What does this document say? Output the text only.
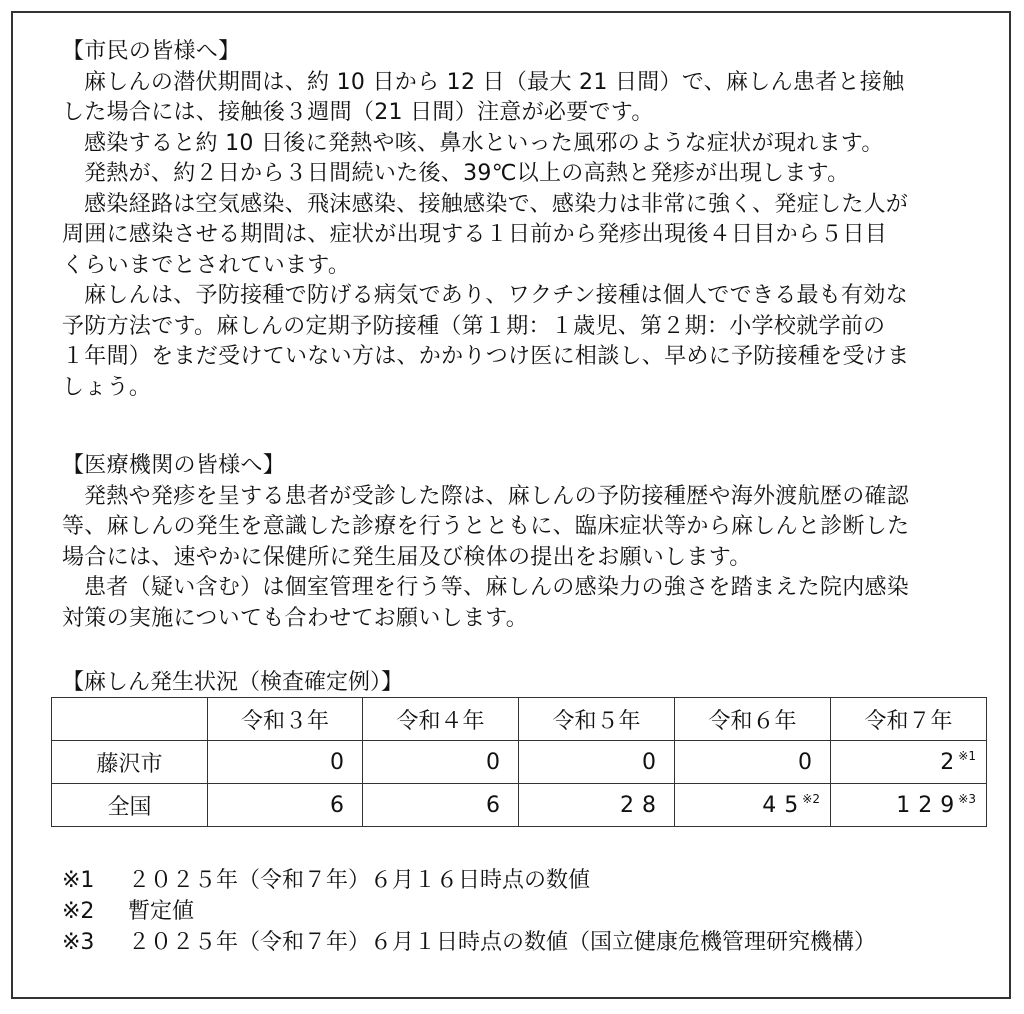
【市民の皆様へ】
麻しんの潜伏期間は、約 10 日から 12 日（最大 21 日間）で、麻しん患者と接触
した場合には、接触後３週間（21 日間）注意が必要です。
感染すると約 10 日後に発熱や咳、鼻水といった風邪のような症状が現れます。
発熱が、約２日から３日間続いた後、39℃以上の高熱と発疹が出現します。
感染経路は空気感染、飛沫感染、接触感染で、感染力は非常に強く、発症した人が
周囲に感染させる期間は、症状が出現する１日前から発疹出現後４日目から５日目
くらいまでとされています。
麻しんは、予防接種で防げる病気であり、ワクチン接種は個人でできる最も有効な
予防方法です。麻しんの定期予防接種（第１期：１歳児、第２期：小学校就学前の
１年間）をまだ受けていない方は、かかりつけ医に相談し、早めに予防接種を受けま
しょう。
【医療機関の皆様へ】
発熱や発疹を呈する患者が受診した際は、麻しんの予防接種歴や海外渡航歴の確認
等、麻しんの発生を意識した診療を行うとともに、臨床症状等から麻しんと診断した
場合には、速やかに保健所に発生届及び検体の提出をお願いします。
患者（疑い含む）は個室管理を行う等、麻しんの感染力の強さを踏まえた院内感染
対策の実施についても合わせてお願いします。
【麻しん発生状況（検査確定例）】
	令和３年	令和４年	令和５年	令和６年	令和７年
藤沢市	0	0	0	0	2$^{※1}$
全国	6	6	28	45$^{※2}$	129$^{※3}$
※1 ２０２５年（令和７年）６月１６日時点の数値
※2 暫定値
※3 ２０２５年（令和７年）６月１日時点の数値（国立健康危機管理研究機構）
